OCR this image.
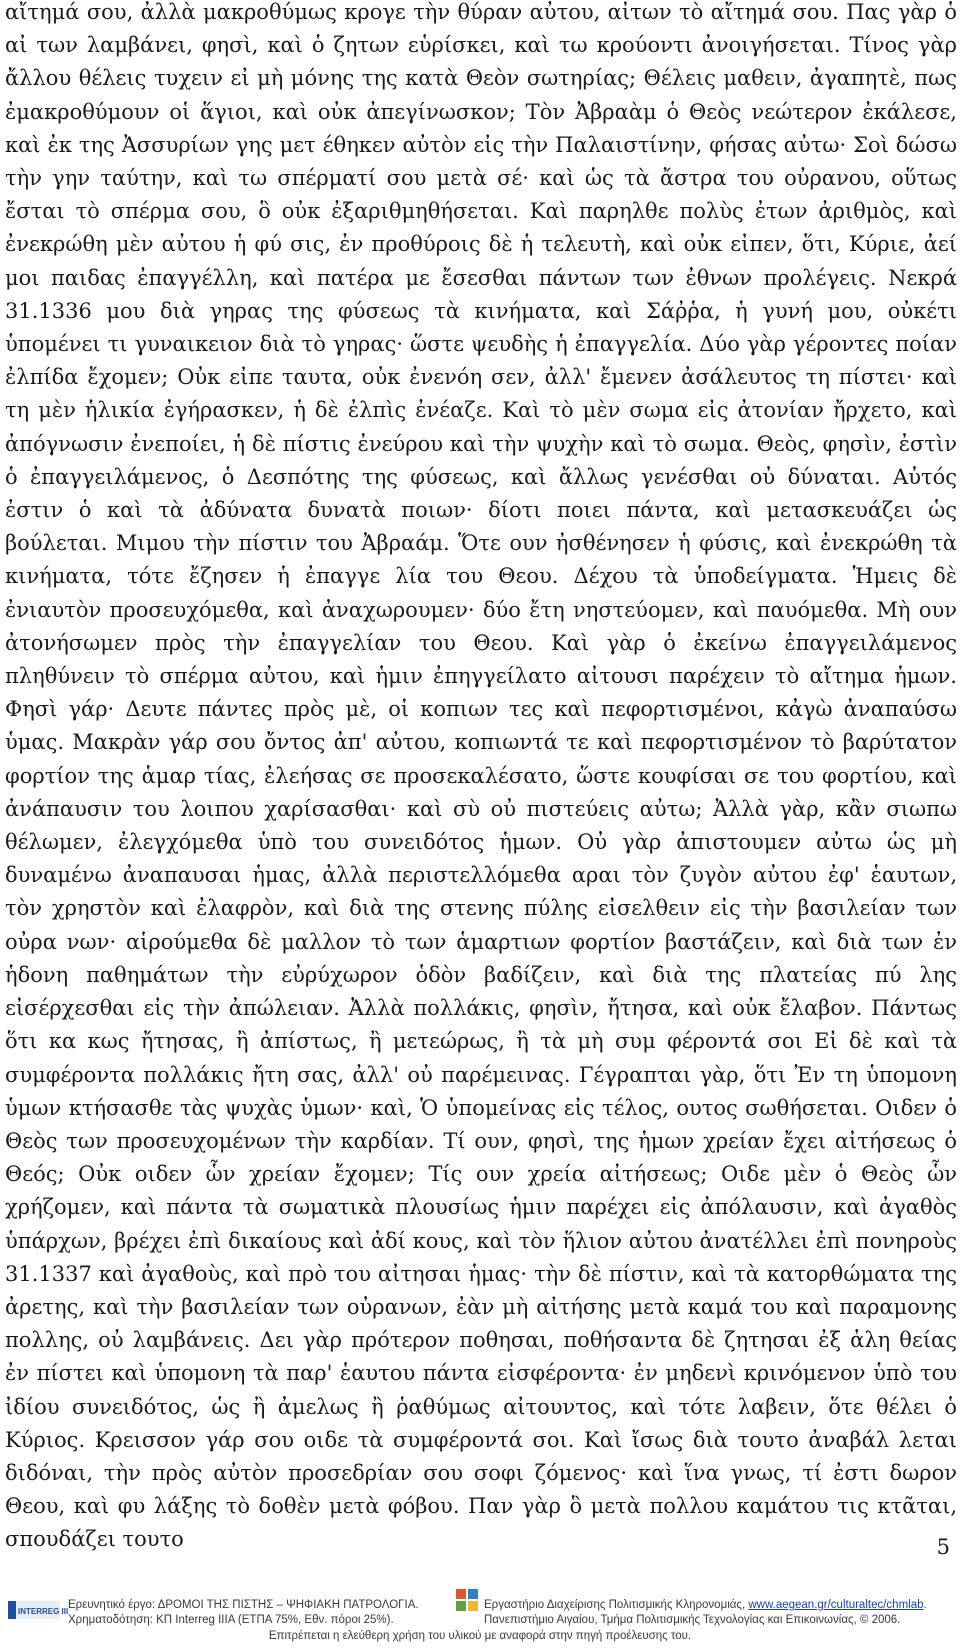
αἴτημά σου, ἀλλὰ μακροθύμως κρογε τὴν θύραν αὐτου, αἰτων τὸ αἴτημά σου. Πας γὰρ ὁ αἰ των λαμβάνει, φησὶ, καὶ ὁ ζητων εὑρίσκει, καὶ τω κρούοντι ἀνοιγήσεται. Τίνος γὰρ ἄλλου θέλεις τυχειν εἰ μὴ μόνης της κατὰ Θεὸν σωτηρίας; Θέλεις μαθειν, ἀγαπητὲ, πως ἐμακροθύμουν οἱ ἅγιοι, καὶ οὐκ ἀπεγίνωσκον; Τὸν Ἀβραὰμ ὁ Θεὸς νεώτερον ἐκάλεσε, καὶ ἐκ της Ἀσσυρίων γης μετ έθηκεν αὐτὸν εἰς τὴν Παλαιστίνην, φήσας αὐτω· Σοὶ δώσω τὴν γην ταύτην, καὶ τω σπέρματί σου μετὰ σέ· καὶ ὡς τὰ ἄστρα του οὐρανου, οὕτως ἔσται τὸ σπέρμα σου, ὃ οὐκ ἐξαριθμηθήσεται. Καὶ παρηλθε πολὺς ἐτων ἀριθμὸς, καὶ ἐνεκρώθη μὲν αὐτου ἡ φύ σις, ἐν προθύροις δὲ ἡ τελευτὴ, καὶ οὐκ εἰπεν, ὅτι, Κύριε, ἀεί μοι παιδας ἐπαγγέλλη, καὶ πατέρα με ἔσεσθαι πάντων των ἐθνων προλέγεις. Νεκρά 31.1336 μου διὰ γηρας της φύσεως τὰ κινήματα, καὶ Σάῤῥα, ἡ γυνή μου, οὐκέτι ὑπομένει τι γυναικειον διὰ τὸ γηρας· ὥστε ψευδὴς ἡ ἐπαγγελία. Δύο γὰρ γέροντες ποίαν ἐλπίδα ἔχομεν; Οὐκ εἰπε ταυτα, οὐκ ἐνενόη σεν, ἀλλ' ἔμενεν ἀσάλευτος τη πίστει· καὶ τη μὲν ἡλικία ἐγήρασκεν, ἡ δὲ ἐλπὶς ἐνέαζε. Καὶ τὸ μὲν σωμα εἰς ἀτονίαν ἤρχετο, καὶ ἀπόγνωσιν ἐνεποίει, ἡ δὲ πίστις ἐνεύρου καὶ τὴν ψυχὴν καὶ τὸ σωμα. Θεὸς, φησὶν, ἐστὶν ὁ ἐπαγγειλάμενος, ὁ Δεσπότης της φύσεως, καὶ ἄλλως γενέσθαι οὐ δύναται. Αὐτός ἐστιν ὁ καὶ τὰ ἀδύνατα δυνατὰ ποιων· δίοτι ποιει πάντα, καὶ μετασκευάζει ὡς βούλεται. Μιμου τὴν πίστιν του Ἀβραάμ. Ὅτε ουν ἠσθένησεν ἡ φύσις, καὶ ἐνεκρώθη τὰ κινήματα, τότε ἔζησεν ἡ ἐπαγγε λία του Θεου. Δέχου τὰ ὑποδείγματα. Ἡμεις δὲ ἐνιαυτὸν προσευχόμεθα, καὶ ἀναχωρουμεν· δύο ἔτη νηστεύομεν, καὶ παυόμεθα. Μὴ ουν ἀτονήσωμεν πρὸς τὴν ἐπαγγελίαν του Θεου. Καὶ γὰρ ὁ ἐκείνω ἐπαγγειλάμενος πληθύνειν τὸ σπέρμα αὐτου, καὶ ἡμιν ἐπηγγείλατο αἰτουσι παρέχειν τὸ αἴτημα ἡμων. Φησὶ γάρ· Δευτε πάντες πρὸς μὲ, οἱ κοπιων τες καὶ πεφορτισμένοι, κἀγὼ ἀναπαύσω ὑμας. Μακρὰν γάρ σου ὄντος ἀπ' αὐτου, κοπιωντά τε καὶ πεφορτισμένον τὸ βαρύτατον φορτίον της ἁμαρ τίας, ἐλεήσας σε προσεκαλέσατο, ὥστε κουφίσαι σε του φορτίου, καὶ ἀνάπαυσιν του λοιπου χαρίσασθαι· καὶ σὺ οὐ πιστεύεις αὐτω; Ἀλλὰ γὰρ, κἂν σιωπω θέλωμεν, ἐλεγχόμεθα ὑπὸ του συνειδότος ἡμων. Οὐ γὰρ ἀπιστουμεν αὐτω ὡς μὴ δυναμένω ἀναπαυσαι ἡμας, ἀλλὰ περιστελλόμεθα αραι τὸν ζυγὸν αὐτου ἐφ' ἑαυτων, τὸν χρηστὸν καὶ ἐλαφρὸν, καὶ διὰ της στενης πύλης εἰσελθειν εἰς τὴν βασιλείαν των οὐρα νων· αἱρούμεθα δὲ μαλλον τὸ των ἁμαρτιων φορτίον βαστάζειν, καὶ διὰ των ἐν ἡδονη παθημάτων τὴν εὐρύχωρον ὁδὸν βαδίζειν, καὶ διὰ της πλατείας πύ λης εἰσέρχεσθαι εἰς τὴν ἀπώλειαν. Ἀλλὰ πολλάκις, φησὶν, ἤτησα, καὶ οὐκ ἔλαβον. Πάντως ὅτι κα κως ἤτησας, ἢ ἀπίστως, ἢ μετεώρως, ἢ τὰ μὴ συμ φέροντά σοι Εἰ δὲ καὶ τὰ συμφέροντα πολλάκις ἤτη σας, ἀλλ' οὐ παρέμεινας. Γέγραπται γὰρ, ὅτι Ἐν τη ὑπομονη ὑμων κτήσασθε τὰς ψυχὰς ὑμων· καὶ, Ὁ ὑπομείνας εἰς τέλος, ουτος σωθήσεται. Οιδεν ὁ Θεὸς των προσευχομένων τὴν καρδίαν. Τί ουν, φησὶ, της ἡμων χρείαν ἔχει αἰτήσεως ὁ Θεός; Οὐκ οιδεν ὧν χρείαν ἔχομεν; Τίς ουν χρεία αἰτήσεως; Οιδε μὲν ὁ Θεὸς ὧν χρήζομεν, καὶ πάντα τὰ σωματικὰ πλουσίως ἡμιν παρέχει εἰς ἀπόλαυσιν, καὶ ἀγαθὸς ὑπάρχων, βρέχει ἐπὶ δικαίους καὶ ἀδί κους, καὶ τὸν ἥλιον αὐτου ἀνατέλλει ἐπὶ πονηροὺς 31.1337 καὶ ἀγαθοὺς, καὶ πρὸ του αἰτησαι ἡμας· τὴν δὲ πίστιν, καὶ τὰ κατορθώματα της ἀρετης, καὶ τὴν βασιλείαν των οὐρανων, ἐὰν μὴ αἰτήσης μετὰ καμά του καὶ παραμονης πολλης, οὐ λαμβάνεις. Δει γὰρ πρότερον ποθησαι, ποθήσαντα δὲ ζητησαι ἐξ ἀλη θείας ἐν πίστει καὶ ὑπομονη τὰ παρ' ἑαυτου πάντα εἰσφέροντα· ἐν μηδενὶ κρινόμενον ὑπὸ του ἰδίου συνειδότος, ὡς ἢ ἀμελως ἢ ῥαθύμως αἰτουντος, καὶ τότε λαβειν, ὅτε θέλει ὁ Κύριος. Κρεισσον γάρ σου οιδε τὰ συμφέροντά σοι. Καὶ ἴσως διὰ τουτο ἀναβάλ λεται διδόναι, τὴν πρὸς αὐτὸν προσεδρίαν σου σοφι ζόμενος· καὶ ἵνα γνως, τί ἐστι δωρον Θεου, καὶ φυ λάξης τὸ δοθὲν μετὰ φόβου. Παν γὰρ ὃ μετὰ πολλου καμάτου τις κτᾶται, σπουδάζει τουτο	5
INTERREG III
Ερευνητικό έργο: ΔΡΟΜΟΙ ΤΗΣ ΠΙΣΤΗΣ – ΨΗΦΙΑΚΗ ΠΑΤΡΟΛΟΓΙΑ.
Χρηματοδότηση: ΚΠ Interreg IIIA (ΕΤΠΑ 75%, Εθν. πόροι 25%).
Εργαστήριο Διαχείρισης Πολιτισμικής Κληρονομιάς, www.aegean.gr/culturaltec/chmlab.
Πανεπιστήμιο Αιγαίου, Τμήμα Πολιτισμικής Τεχνολογίας και Επικοινωνίας, © 2006.
Επιτρέπεται η ελεύθερη χρήση του υλικού με αναφορά στην πηγή προέλευσης του.
